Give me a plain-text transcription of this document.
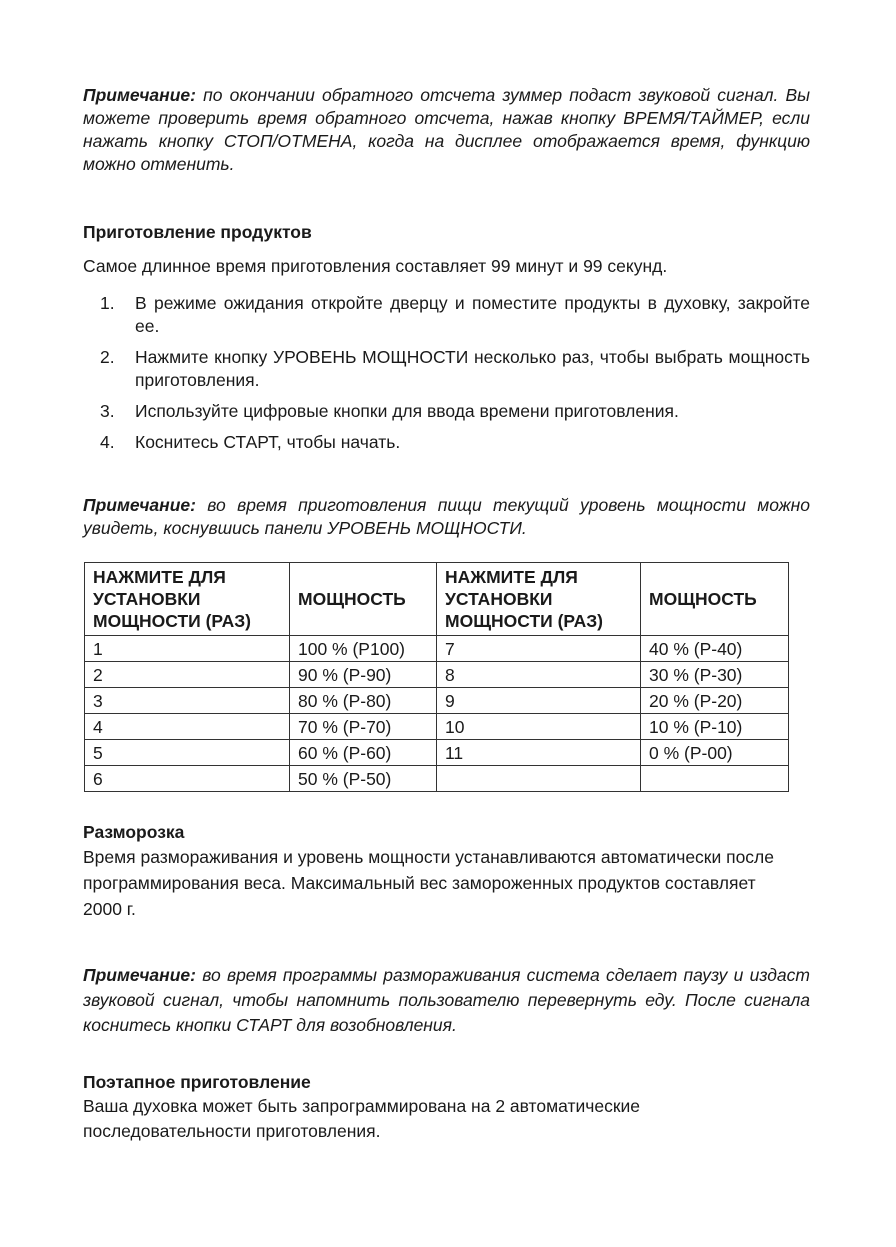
Примечание: по окончании обратного отсчета зуммер подаст звуковой сигнал. Вы можете проверить время обратного отсчета, нажав кнопку ВРЕМЯ/ТАЙМЕР, если нажать кнопку СТОП/ОТМЕНА, когда на дисплее отображается время, функцию можно отменить.
Приготовление продуктов
Самое длинное время приготовления составляет 99 минут и 99 секунд.
1. В режиме ожидания откройте дверцу и поместите продукты в духовку, закройте ее.
2. Нажмите кнопку УРОВЕНЬ МОЩНОСТИ несколько раз, чтобы выбрать мощность приготовления.
3. Используйте цифровые кнопки для ввода времени приготовления.
4. Коснитесь СТАРТ, чтобы начать.
Примечание: во время приготовления пищи текущий уровень мощности можно увидеть, коснувшись панели УРОВЕНЬ МОЩНОСТИ.
НАЖМИТЕ ДЛЯ УСТАНОВКИ МОЩНОСТИ (РАЗ)	МОЩНОСТЬ	НАЖМИТЕ ДЛЯ УСТАНОВКИ МОЩНОСТИ (РАЗ)	МОЩНОСТЬ
1	100 % (P100)	7	40 % (P-40)
2	90 % (P-90)	8	30 % (P-30)
3	80 % (P-80)	9	20 % (P-20)
4	70 % (P-70)	10	10 % (P-10)
5	60 % (P-60)	11	0 % (P-00)
6	50 % (P-50)		
Разморозка
Время размораживания и уровень мощности устанавливаются автоматически после программирования веса. Максимальный вес замороженных продуктов составляет 2000 г.
Примечание: во время программы размораживания система сделает паузу и издаст звуковой сигнал, чтобы напомнить пользователю перевернуть еду. После сигнала коснитесь кнопки СТАРТ для возобновления.
Поэтапное приготовление
Ваша духовка может быть запрограммирована на 2 автоматические последовательности приготовления.
